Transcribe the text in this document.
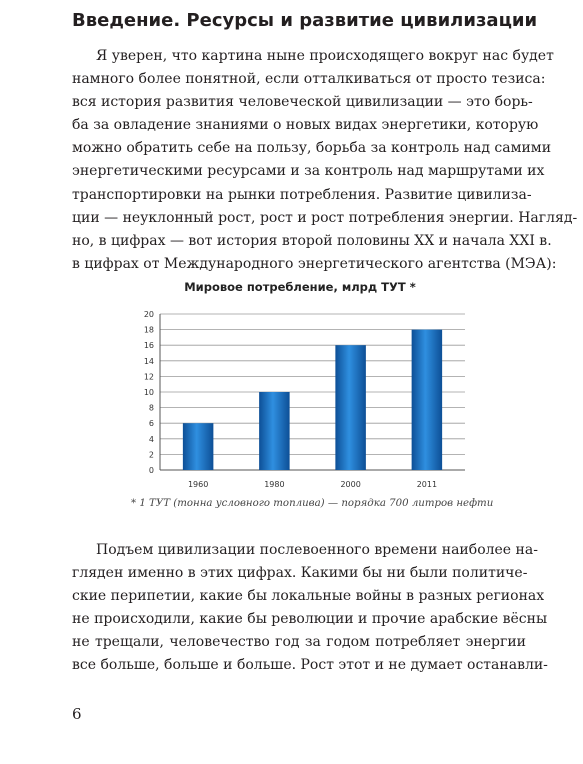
Введение. Ресурсы и развитие цивилизации
Я уверен, что картина ныне происходящего вокруг нас будет
намного более понятной, если отталкиваться от просто тезиса:
вся история развития человеческой цивилизации — это борь-
ба за овладение знаниями о новых видах энергетики, которую
можно обратить себе на пользу, борьба за контроль над самими
энергетическими ресурсами и за контроль над маршрутами их
транспортировки на рынки потребления. Развитие цивилиза-
ции — неуклонный рост, рост и рост потребления энергии. Нагляд-
но, в цифрах — вот история второй половины XX и начала XXI в.
в цифрах от Международного энергетического агентства (МЭА):
Мировое потребление, млрд ТУТ *
0
2
4
6
8
10
12
14
16
18
20
1960	1980	2000	2011
* 1 ТУТ (тонна условного топлива) — порядка 700 литров нефти
Подъем цивилизации послевоенного времени наиболее на-
гляден именно в этих цифрах. Какими бы ни были политиче-
ские перипетии, какие бы локальные войны в разных регионах
не происходили, какие бы революции и прочие арабские вёсны
не трещали, человечество год за годом потребляет энергии
все больше, больше и больше. Рост этот и не думает останавли-
6
